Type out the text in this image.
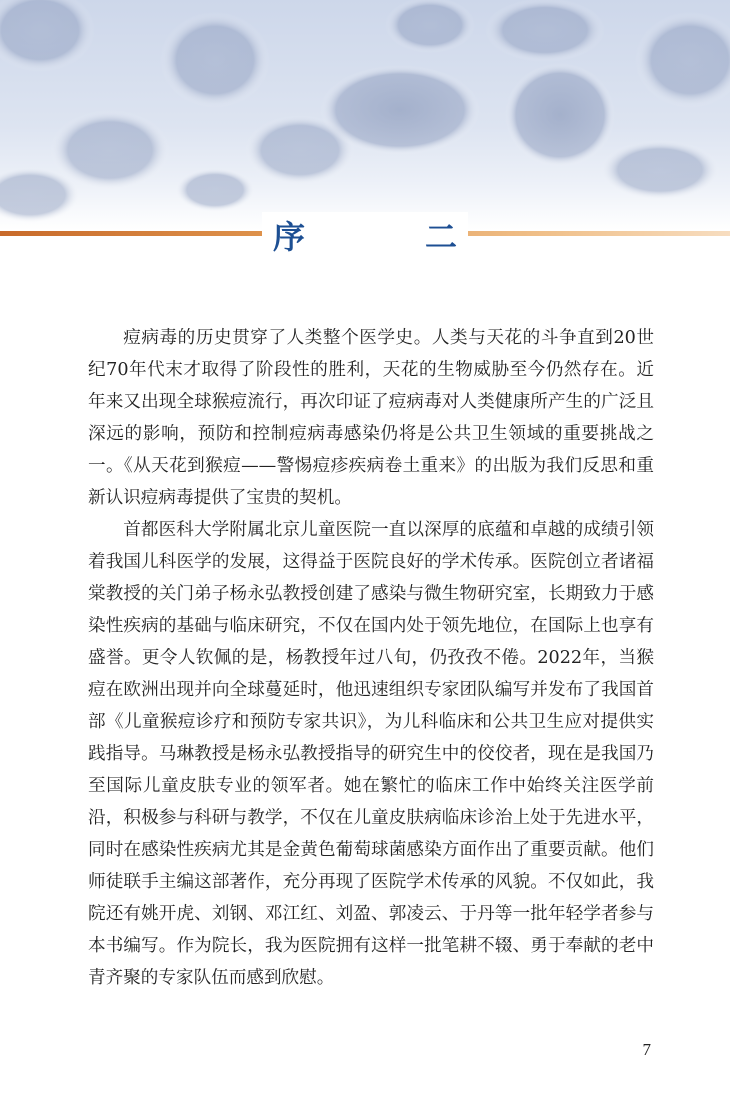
序　二

痘病毒的历史贯穿了人类整个医学史。人类与天花的斗争直到20世纪70年代末才取得了阶段性的胜利，天花的生物威胁至今仍然存在。近年来又出现全球猴痘流行，再次印证了痘病毒对人类健康所产生的广泛且深远的影响，预防和控制痘病毒感染仍将是公共卫生领域的重要挑战之一。《从天花到猴痘——警惕痘疹疾病卷土重来》的出版为我们反思和重新认识痘病毒提供了宝贵的契机。

首都医科大学附属北京儿童医院一直以深厚的底蕴和卓越的成绩引领着我国儿科医学的发展，这得益于医院良好的学术传承。医院创立者诸福棠教授的关门弟子杨永弘教授创建了感染与微生物研究室，长期致力于感染性疾病的基础与临床研究，不仅在国内处于领先地位，在国际上也享有盛誉。更令人钦佩的是，杨教授年过八旬，仍孜孜不倦。2022年，当猴痘在欧洲出现并向全球蔓延时，他迅速组织专家团队编写并发布了我国首部《儿童猴痘诊疗和预防专家共识》，为儿科临床和公共卫生应对提供实践指导。马琳教授是杨永弘教授指导的研究生中的佼佼者，现在是我国乃至国际儿童皮肤专业的领军者。她在繁忙的临床工作中始终关注医学前沿，积极参与科研与教学，不仅在儿童皮肤病临床诊治上处于先进水平，同时在感染性疾病尤其是金黄色葡萄球菌感染方面作出了重要贡献。他们师徒联手主编这部著作，充分再现了医院学术传承的风貌。不仅如此，我院还有姚开虎、刘钢、邓江红、刘盈、郭凌云、于丹等一批年轻学者参与本书编写。作为院长，我为医院拥有这样一批笔耕不辍、勇于奉献的老中青齐聚的专家队伍而感到欣慰。

7
